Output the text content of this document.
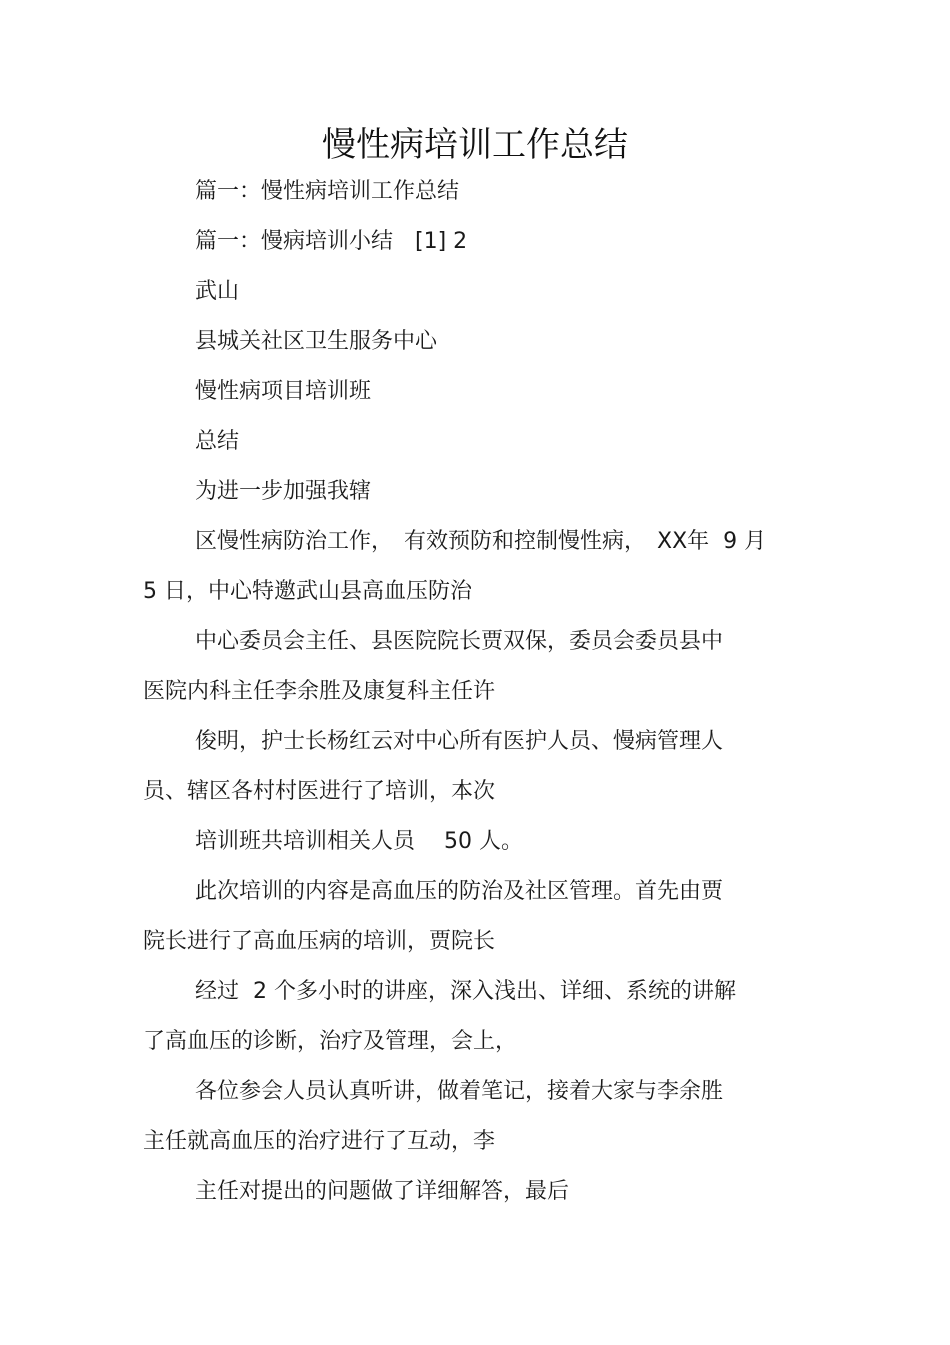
慢性病培训工作总结
篇一：慢性病培训工作总结
篇一：慢病培训小结　[1] 2
武山
县城关社区卫生服务中心
慢性病项目培训班
总结
为进一步加强我辖
区慢性病防治工作，　有效预防和控制慢性病，　XX年  9 月
5 日，中心特邀武山县高血压防治
中心委员会主任、县医院院长贾双保，委员会委员县中
医院内科主任李余胜及康复科主任许
俊明，护士长杨红云对中心所有医护人员、慢病管理人
员、辖区各村村医进行了培训，本次
培训班共培训相关人员　 50 人。
此次培训的内容是高血压的防治及社区管理。首先由贾
院长进行了高血压病的培训，贾院长
经过  2 个多小时的讲座，深入浅出、详细、系统的讲解
了高血压的诊断，治疗及管理，会上，
各位参会人员认真听讲，做着笔记，接着大家与李余胜
主任就高血压的治疗进行了互动，李
主任对提出的问题做了详细解答，最后
